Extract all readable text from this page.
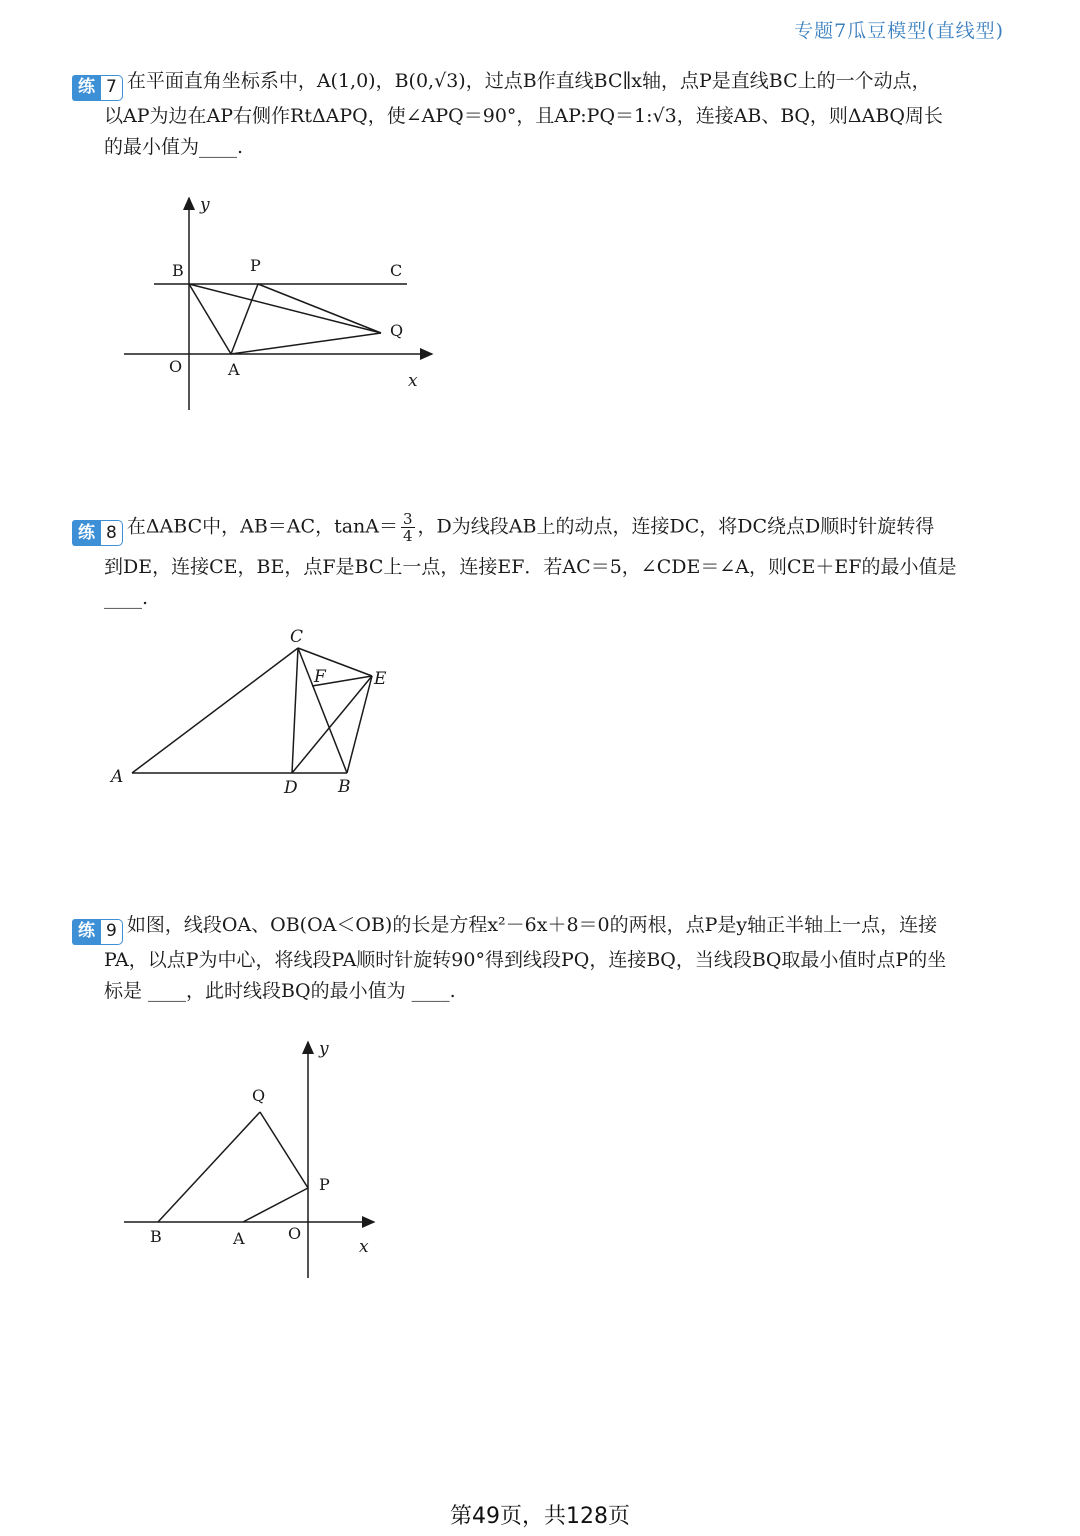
专题7瓜豆模型(直线型)
练 7 在平面直角坐标系中，A(1,0)，B(0,√3)，过点B作直线BC∥x轴，点P是直线BC上的一个动点，
以AP为边在AP右侧作RtΔAPQ，使∠APQ＝90°，且AP:PQ＝1:√3，连接AB、BQ，则ΔABQ周长
的最小值为____.
y
x
B	P	C
Q
O	A
练 8 在ΔABC中，AB＝AC，$\tan A= \frac{3}{4}$ ，D为线段AB上的动点，连接DC，将DC绕点D顺时针旋转得
到DE，连接CE，BE，点F是BC上一点，连接EF．若AC＝5，∠CDE＝∠A，则CE＋EF的最小值是
____.
C
F	E
A
D B
练 9 如图，线段OA、OB(OA＜OB)的长是方程x²－6x＋8＝0的两根，点P是y轴正半轴上一点，连接
PA，以点P为中心，将线段PA顺时针旋转90°得到线段PQ，连接BQ，当线段BQ取最小值时点P的坐
标是 ____，此时线段BQ的最小值为 ____.
y
Q
P
B	A	O
x
第49页，共128页
